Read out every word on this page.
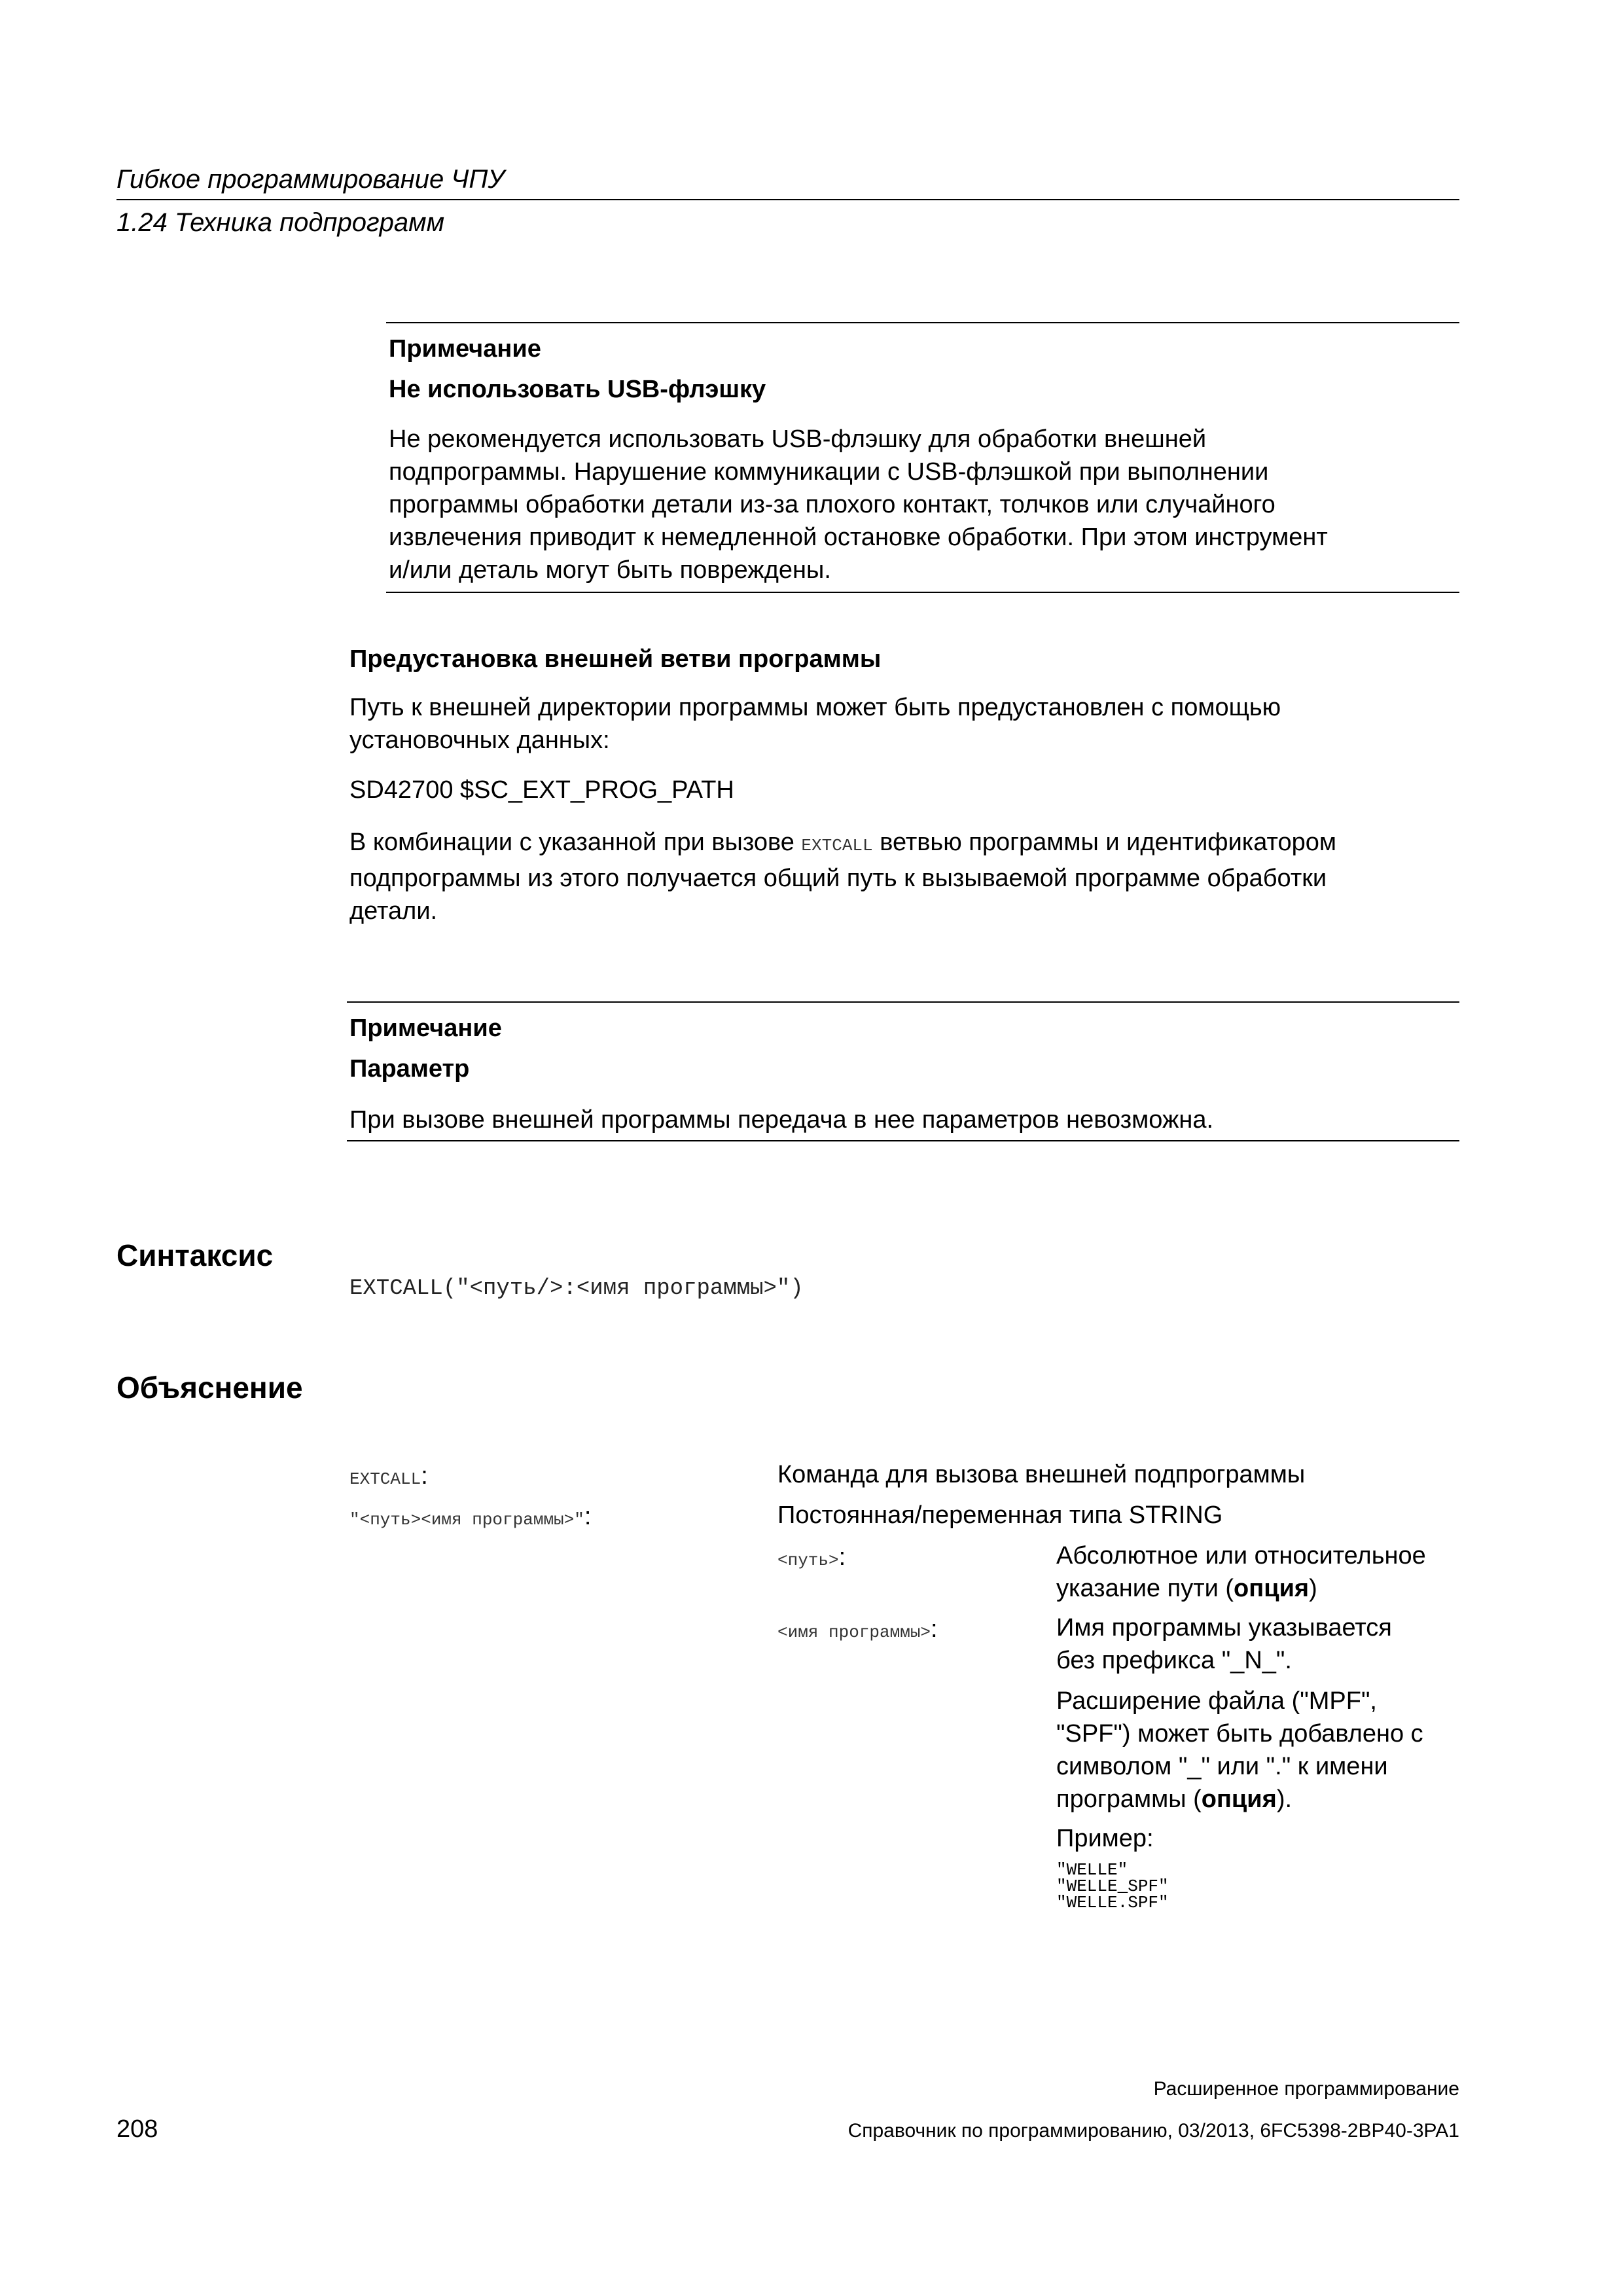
Гибкое программирование ЧПУ
1.24 Техника подпрограмм
Примечание
Не использовать USB-флэшку

Не рекомендуется использовать USB-флэшку для обработки внешней

подпрограммы. Нарушение коммуникации с USB-флэшкой при выполнении

программы обработки детали из-за плохого контакт, толчков или случайного

извлечения приводит к немедленной остановке обработки. При этом инструмент

и/или деталь могут быть повреждены.

Предустановка внешней ветви программы

Путь к внешней директории программы может быть предустановлен с помощью

установочных данных:

SD42700 $SC_EXT_PROG_PATH

В комбинации с указанной при вызове EXTCALL ветвью программы и идентификатором

подпрограммы из этого получается общий путь к вызываемой программе обработки

детали.

Примечание
Параметр
При вызове внешней программы передача в нее параметров невозможна.
Синтаксис
EXTCALL("<путь/>:<имя программы>")
Объяснение
EXTCALL:	Команда для вызова внешней подпрограммы
"<путь><имя программы>":	Постоянная/переменная типа STRING
<путь>:	Абсолютное или относительное

указание пути (опция)

<имя программы>:	Имя программы указывается

без префикса "_N_".

Расширение файла ("MPF",

"SPF") может быть добавлено с

символом "_" или "." к имени

программы (опция).

Пример:

"WELLE"

"WELLE_SPF"

"WELLE.SPF"

Расширенное программирование
208	Справочник по программированию, 03/2013, 6FC5398-2BP40-3PA1
